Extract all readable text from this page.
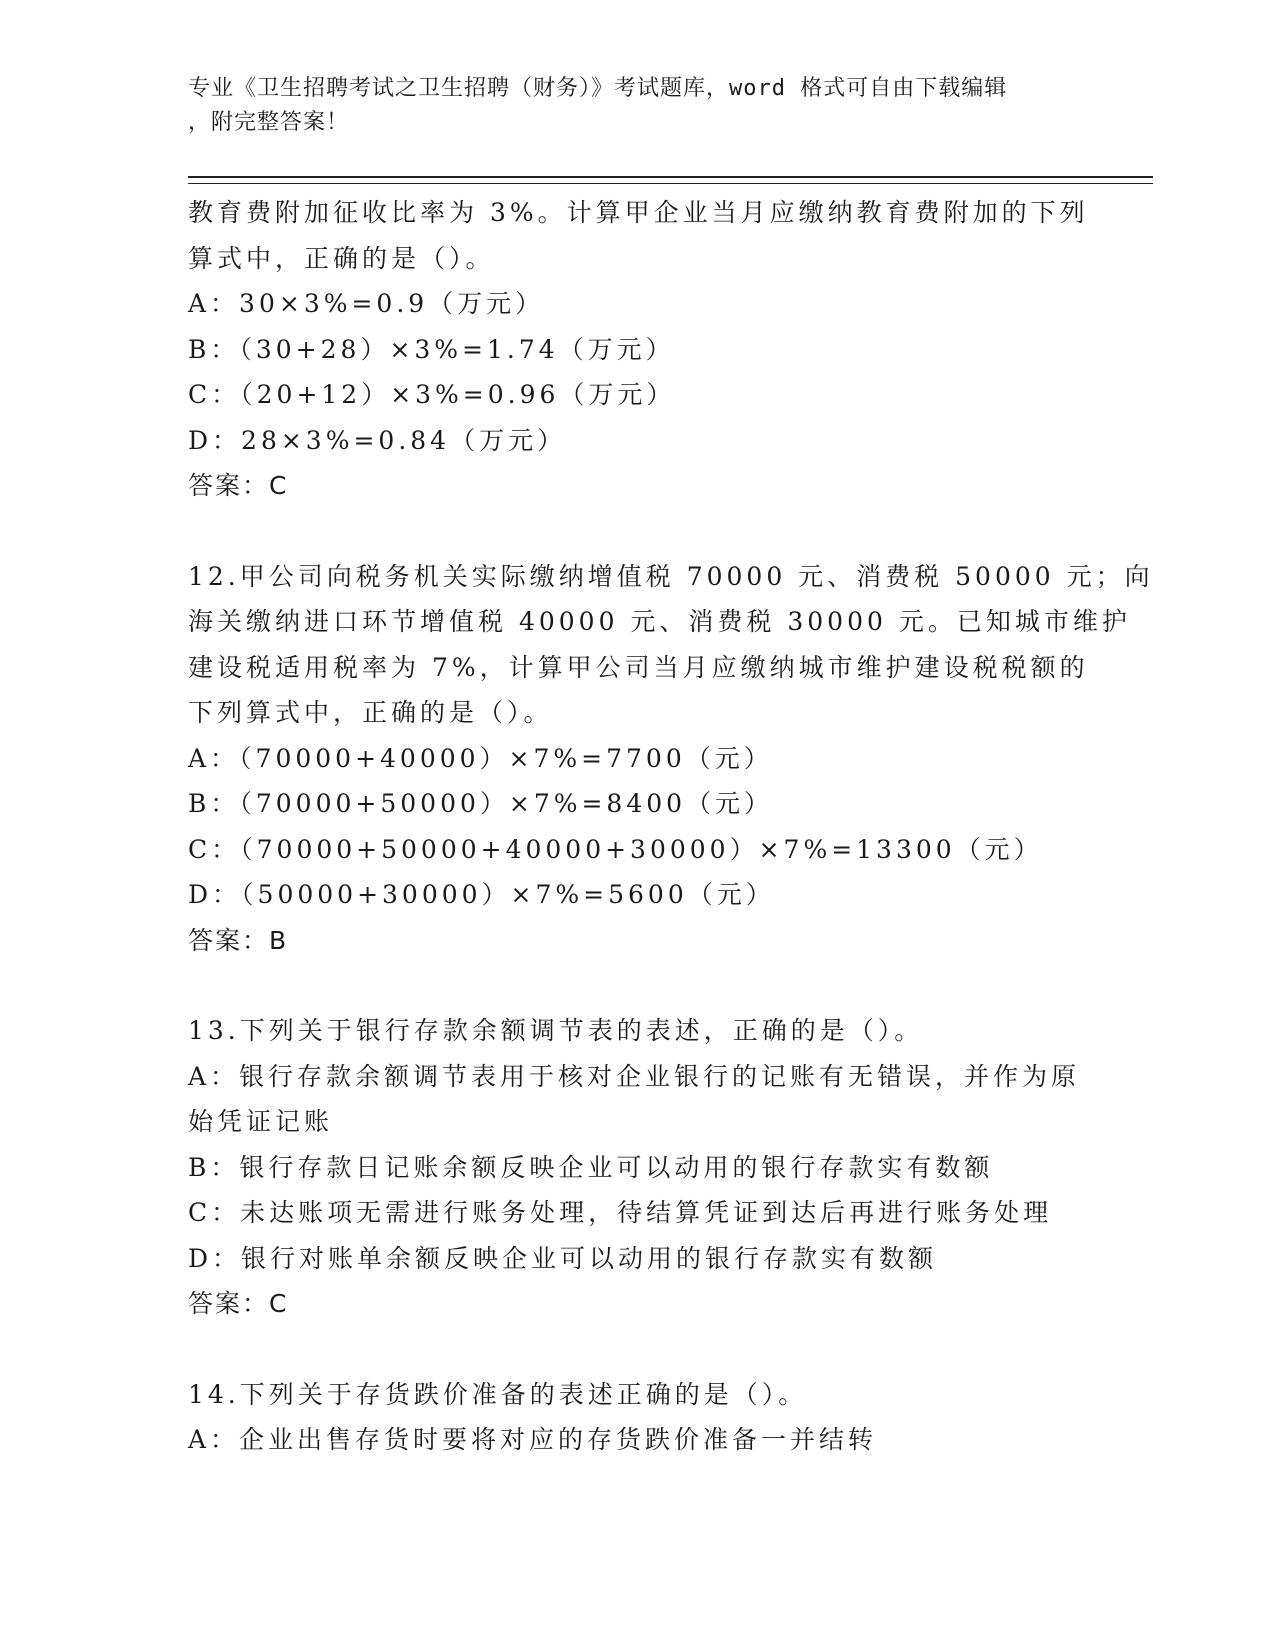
专业《卫生招聘考试之卫生招聘（财务）》考试题库，word 格式可自由下载编辑
，附完整答案！
教育费附加征收比率为 3%。计算甲企业当月应缴纳教育费附加的下列
算式中，正确的是（）。
A：30×3%=0.9（万元）
B：（30+28）×3%=1.74（万元）
C：（20+12）×3%=0.96（万元）
D：28×3%=0.84（万元）
答案：C
12.甲公司向税务机关实际缴纳增值税 70000 元、消费税 50000 元；向
海关缴纳进口环节增值税 40000 元、消费税 30000 元。已知城市维护
建设税适用税率为 7%，计算甲公司当月应缴纳城市维护建设税税额的
下列算式中，正确的是（）。
A：（70000+40000）×7%=7700（元）
B：（70000+50000）×7%=8400（元）
C：（70000+50000+40000+30000）×7%=13300（元）
D：（50000+30000）×7%=5600（元）
答案：B
13.下列关于银行存款余额调节表的表述，正确的是（）。
A：银行存款余额调节表用于核对企业银行的记账有无错误，并作为原
始凭证记账
B：银行存款日记账余额反映企业可以动用的银行存款实有数额
C：未达账项无需进行账务处理，待结算凭证到达后再进行账务处理
D：银行对账单余额反映企业可以动用的银行存款实有数额
答案：C
14.下列关于存货跌价准备的表述正确的是（）。
A：企业出售存货时要将对应的存货跌价准备一并结转
